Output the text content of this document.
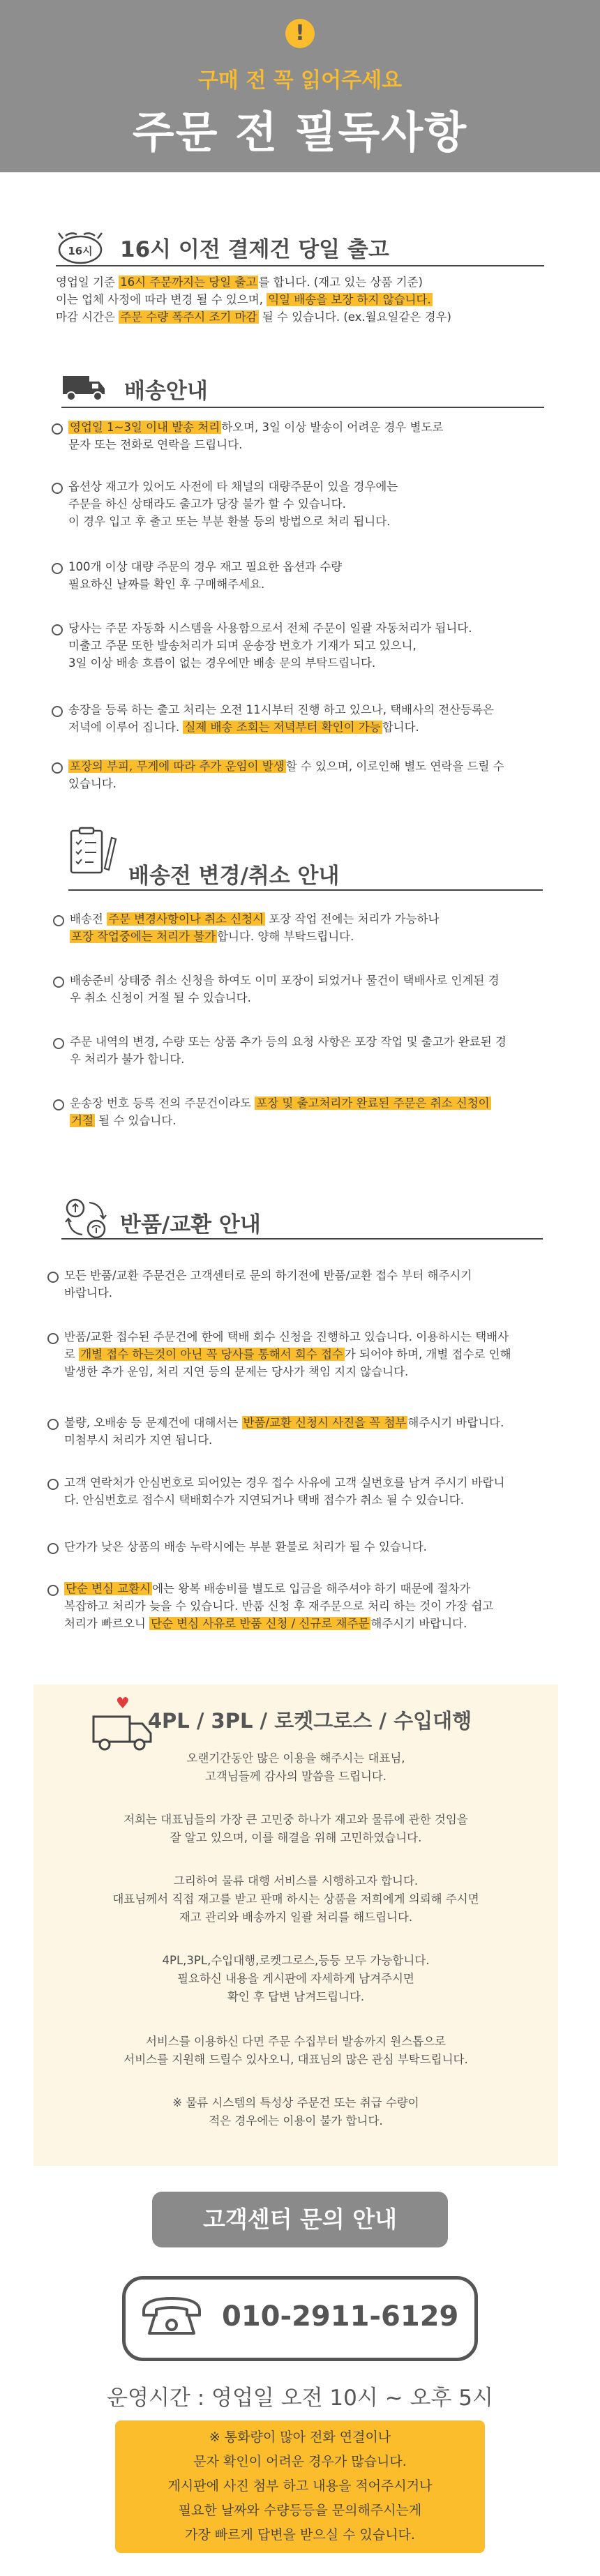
!
구매 전 꼭 읽어주세요
주문 전 필독사항
16시 16시 이전 결제건 당일 출고
영업일 기준 16시 주문까지는 당일 출고 를 합니다. (재고 있는 상품 기준)
이는 업체 사정에 따라 변경 될 수 있으며, 익일 배송을 보장 하지 않습니다.
마감 시간은 주문 수량 폭주시 조기 마감 될 수 있습니다. (ex.월요일같은 경우)
배송안내
영업일 1~3일 이내 발송 처리 하오며, 3일 이상 발송이 어려운 경우 별도로
문자 또는 전화로 연락을 드립니다.
옵션상 재고가 있어도 사전에 타 채널의 대량주문이 있을 경우에는
주문을 하신 상태라도 출고가 당장 불가 할 수 있습니다.
이 경우 입고 후 출고 또는 부분 환불 등의 방법으로 처리 됩니다.
100개 이상 대량 주문의 경우 재고 필요한 옵션과 수량
필요하신 날짜를 확인 후 구매해주세요.
당사는 주문 자동화 시스템을 사용함으로서 전체 주문이 일괄 자동처리가 됩니다.
미출고 주문 또한 발송처리가 되며 운송장 번호가 기재가 되고 있으니,
3일 이상 배송 흐름이 없는 경우에만 배송 문의 부탁드립니다.
송장을 등록 하는 출고 처리는 오전 11시부터 진행 하고 있으나, 택배사의 전산등록은
저녁에 이루어 집니다. 실제 배송 조회는 저녁부터 확인이 가능 합니다.
포장의 부피, 무게에 따라 추가 운임이 발생 할 수 있으며, 이로인해 별도 연락을 드릴 수
있습니다.
배송전 변경/취소 안내
배송전 주문 변경사항이나 취소 신청시 포장 작업 전에는 처리가 가능하나
포장 작업중에는 처리가 불가 합니다. 양해 부탁드립니다.
배송준비 상태중 취소 신청을 하여도 이미 포장이 되었거나 물건이 택배사로 인계된 경
우 취소 신청이 거절 될 수 있습니다.
주문 내역의 변경, 수량 또는 상품 추가 등의 요청 사항은 포장 작업 및 출고가 완료된 경
우 처리가 불가 합니다.
운송장 번호 등록 전의 주문건이라도 포장 및 출고처리가 완료된 주문은 취소 신청이
거절 될 수 있습니다.
반품/교환 안내
모든 반품/교환 주문건은 고객센터로 문의 하기전에 반품/교환 접수 부터 해주시기
바랍니다.
반품/교환 접수된 주문건에 한에 택배 회수 신청을 진행하고 있습니다. 이용하시는 택배사
로 개별 접수 하는것이 아닌 꼭 당사를 통해서 회수 접수 가 되어야 하며, 개별 접수로 인해
발생한 추가 운임, 처리 지연 등의 문제는 당사가 책임 지지 않습니다.
불량, 오배송 등 문제건에 대해서는 반품/교환 신청시 사진을 꼭 첨부 해주시기 바랍니다.
미첨부시 처리가 지연 됩니다.
고객 연락처가 안심번호로 되어있는 경우 접수 사유에 고객 실번호를 남겨 주시기 바랍니
다. 안심번호로 접수시 택배회수가 지연되거나 택배 접수가 취소 될 수 있습니다.
단가가 낮은 상품의 배송 누락시에는 부분 환불로 처리가 될 수 있습니다.
단순 변심 교환시 에는 왕복 배송비를 별도로 입금을 해주셔야 하기 때문에 절차가
복잡하고 처리가 늦을 수 있습니다. 반품 신청 후 재주문으로 처리 하는 것이 가장 쉽고
처리가 빠르오니 단순 변심 사유로 반품 신청 / 신규로 재주문 해주시기 바랍니다.
♥
4PL / 3PL / 로켓그로스 / 수입대행
오랜기간동안 많은 이용을 해주시는 대표님,
고객님들께 감사의 말씀을 드립니다.
저희는 대표님들의 가장 큰 고민중 하나가 재고와 물류에 관한 것임을
잘 알고 있으며, 이를 해결을 위해 고민하였습니다.
그리하여 물류 대행 서비스를 시행하고자 합니다.
대표님께서 직접 재고를 받고 판매 하시는 상품을 저희에게 의뢰해 주시면
재고 관리와 배송까지 일괄 처리를 해드립니다.
4PL,3PL,수입대행,로켓그로스,등등 모두 가능합니다.
필요하신 내용을 게시판에 자세하게 남겨주시면
확인 후 답변 남겨드립니다.
서비스를 이용하신 다면 주문 수집부터 발송까지 원스톱으로
서비스를 지원해 드릴수 있사오니, 대표님의 많은 관심 부탁드립니다.
※ 물류 시스템의 특성상 주문건 또는 취급 수량이
적은 경우에는 이용이 불가 합니다.
고객센터 문의 안내
010-2911-6129
운영시간 : 영업일 오전 10시 ~ 오후 5시
※ 통화량이 많아 전화 연결이나
문자 확인이 어려운 경우가 많습니다.
게시판에 사진 첨부 하고 내용을 적어주시거나
필요한 날짜와 수량등등을 문의해주시는게
가장 빠르게 답변을 받으실 수 있습니다.
